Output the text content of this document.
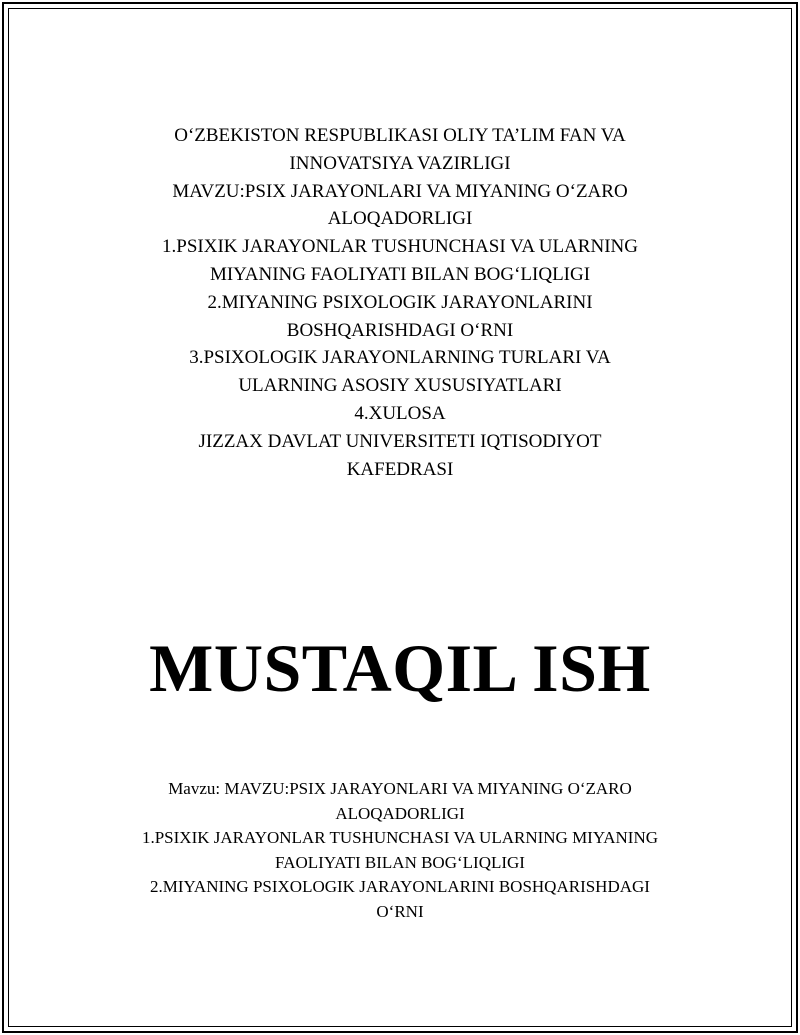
O‘ZBEKISTON RESPUBLIKASI OLIY TA’LIM FAN VA
INNOVATSIYA VAZIRLIGI
MAVZU:PSIX JARAYONLARI VA MIYANING O‘ZARO
ALOQADORLIGI
1.PSIXIK JARAYONLAR TUSHUNCHASI VA ULARNING
MIYANING FAOLIYATI BILAN BOG‘LIQLIGI
2.MIYANING PSIXOLOGIK JARAYONLARINI
BOSHQARISHDAGI O‘RNI
3.PSIXOLOGIK JARAYONLARNING TURLARI VA
ULARNING ASOSIY XUSUSIYATLARI
4.XULOSA
JIZZAX DAVLAT UNIVERSITETI IQTISODIYOT
KAFEDRASI
MUSTAQIL ISH
Mavzu: MAVZU:PSIX JARAYONLARI VA MIYANING O‘ZARO
ALOQADORLIGI
1.PSIXIK JARAYONLAR TUSHUNCHASI VA ULARNING MIYANING
FAOLIYATI BILAN BOG‘LIQLIGI
2.MIYANING PSIXOLOGIK JARAYONLARINI BOSHQARISHDAGI
O‘RNI
